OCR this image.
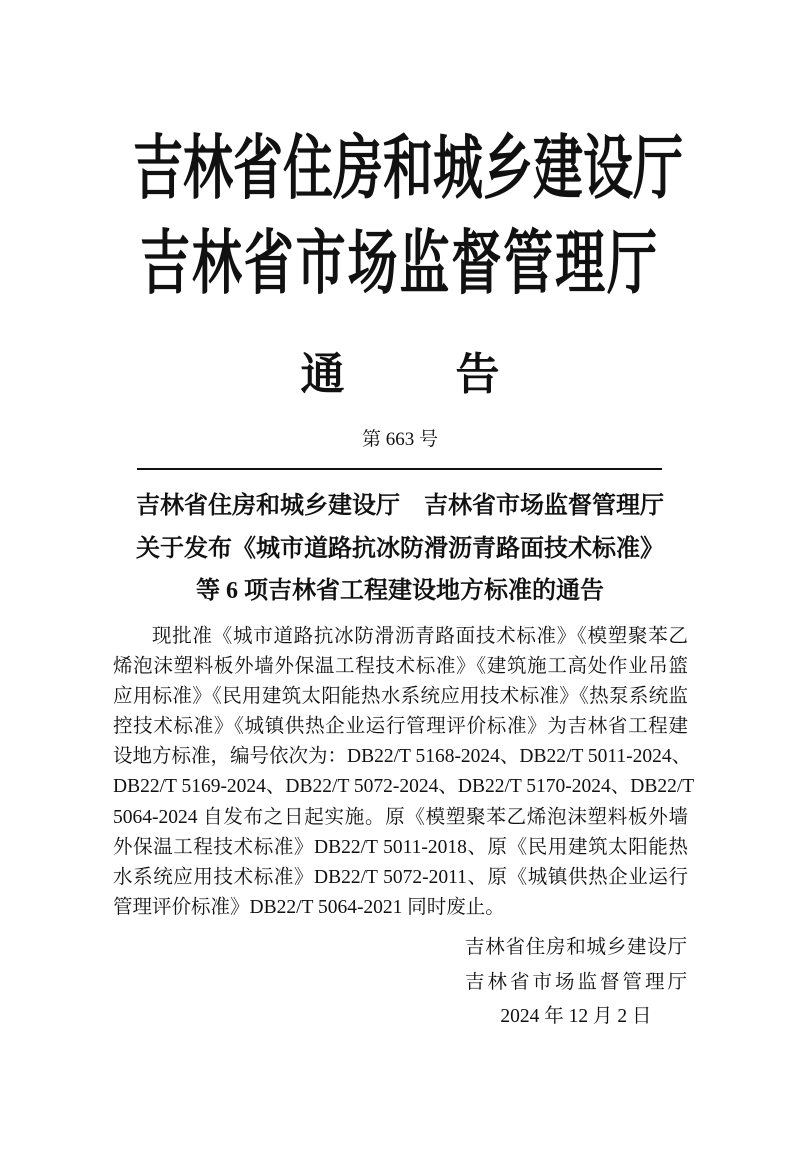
吉林省住房和城乡建设厅
吉林省市场监督管理厅
通 告
第 663 号
吉林省住房和城乡建设厅　吉林省市场监督管理厅
关于发布《城市道路抗冰防滑沥青路面技术标准》
等 6 项吉林省工程建设地方标准的通告
现批准《城市道路抗冰防滑沥青路面技术标准》《模塑聚苯乙
烯泡沫塑料板外墙外保温工程技术标准》《建筑施工高处作业吊篮
应用标准》《民用建筑太阳能热水系统应用技术标准》《热泵系统监
控技术标准》《城镇供热企业运行管理评价标准》为吉林省工程建
设地方标准，编号依次为：DB22/T 5168-2024、DB22/T 5011-2024、
DB22/T 5169-2024、DB22/T 5072-2024、DB22/T 5170-2024、DB22/T
5064-2024 自发布之日起实施。原《模塑聚苯乙烯泡沫塑料板外墙
外保温工程技术标准》DB22/T 5011-2018、原《民用建筑太阳能热
水系统应用技术标准》DB22/T 5072-2011、原《城镇供热企业运行
管理评价标准》DB22/T 5064-2021 同时废止。
吉林省住房和城乡建设厅
吉林省市场监督管理厅
2024 年 12 月 2 日
